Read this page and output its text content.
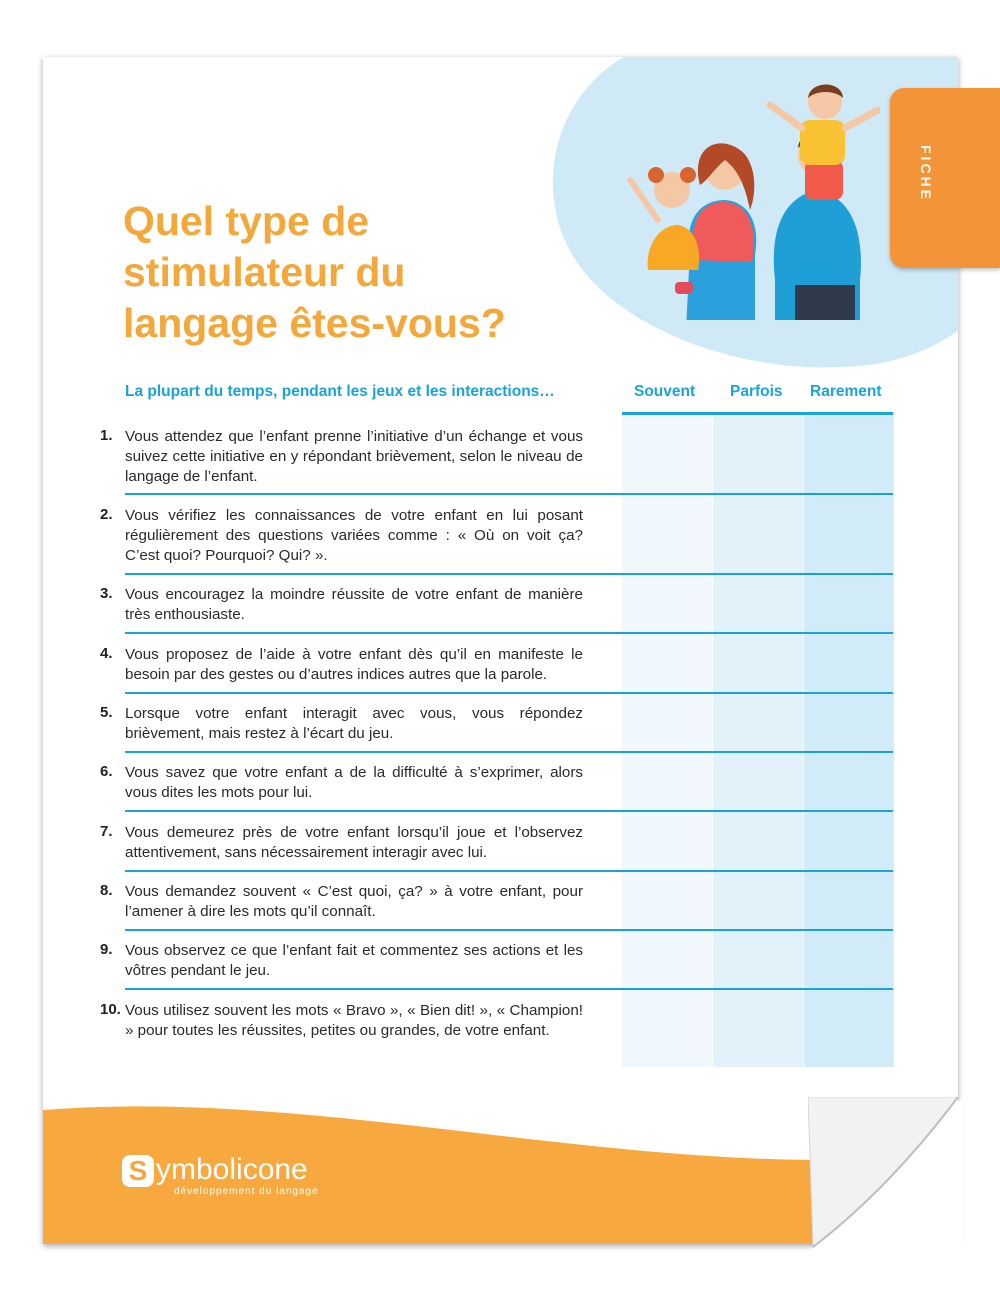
FICHE
Quel type de
stimulateur du
langage êtes-vous?
La plupart du temps, pendant les jeux et les interactions…	Souvent Parfois Rarement
1. Vous attendez que l’enfant prenne l’initiative d’un échange et vous suivez cette initiative en y répondant brièvement, selon le niveau de langage de l’enfant.
2. Vous vérifiez les connaissances de votre enfant en lui posant régulièrement des questions variées comme : « Où on voit ça? C’est quoi? Pourquoi? Qui? ».
3. Vous encouragez la moindre réussite de votre enfant de manière très enthousiaste.
4. Vous proposez de l’aide à votre enfant dès qu’il en manifeste le besoin par des gestes ou d’autres indices autres que la parole.
5. Lorsque votre enfant interagit avec vous, vous répondez brièvement, mais restez à l’écart du jeu.
6. Vous savez que votre enfant a de la difficulté à s’exprimer, alors vous dites les mots pour lui.
7. Vous demeurez près de votre enfant lorsqu’il joue et l’observez attentivement, sans nécessairement interagir avec lui.
8. Vous demandez souvent « C’est quoi, ça? » à votre enfant, pour l’amener à dire les mots qu’il connaît.
9. Vous observez ce que l’enfant fait et commentez ses actions et les vôtres pendant le jeu.
10. Vous utilisez souvent les mots « Bravo », « Bien dit! », « Champion! » pour toutes les réussites, petites ou grandes, de votre enfant.
S ymbolicone
développement du langage
